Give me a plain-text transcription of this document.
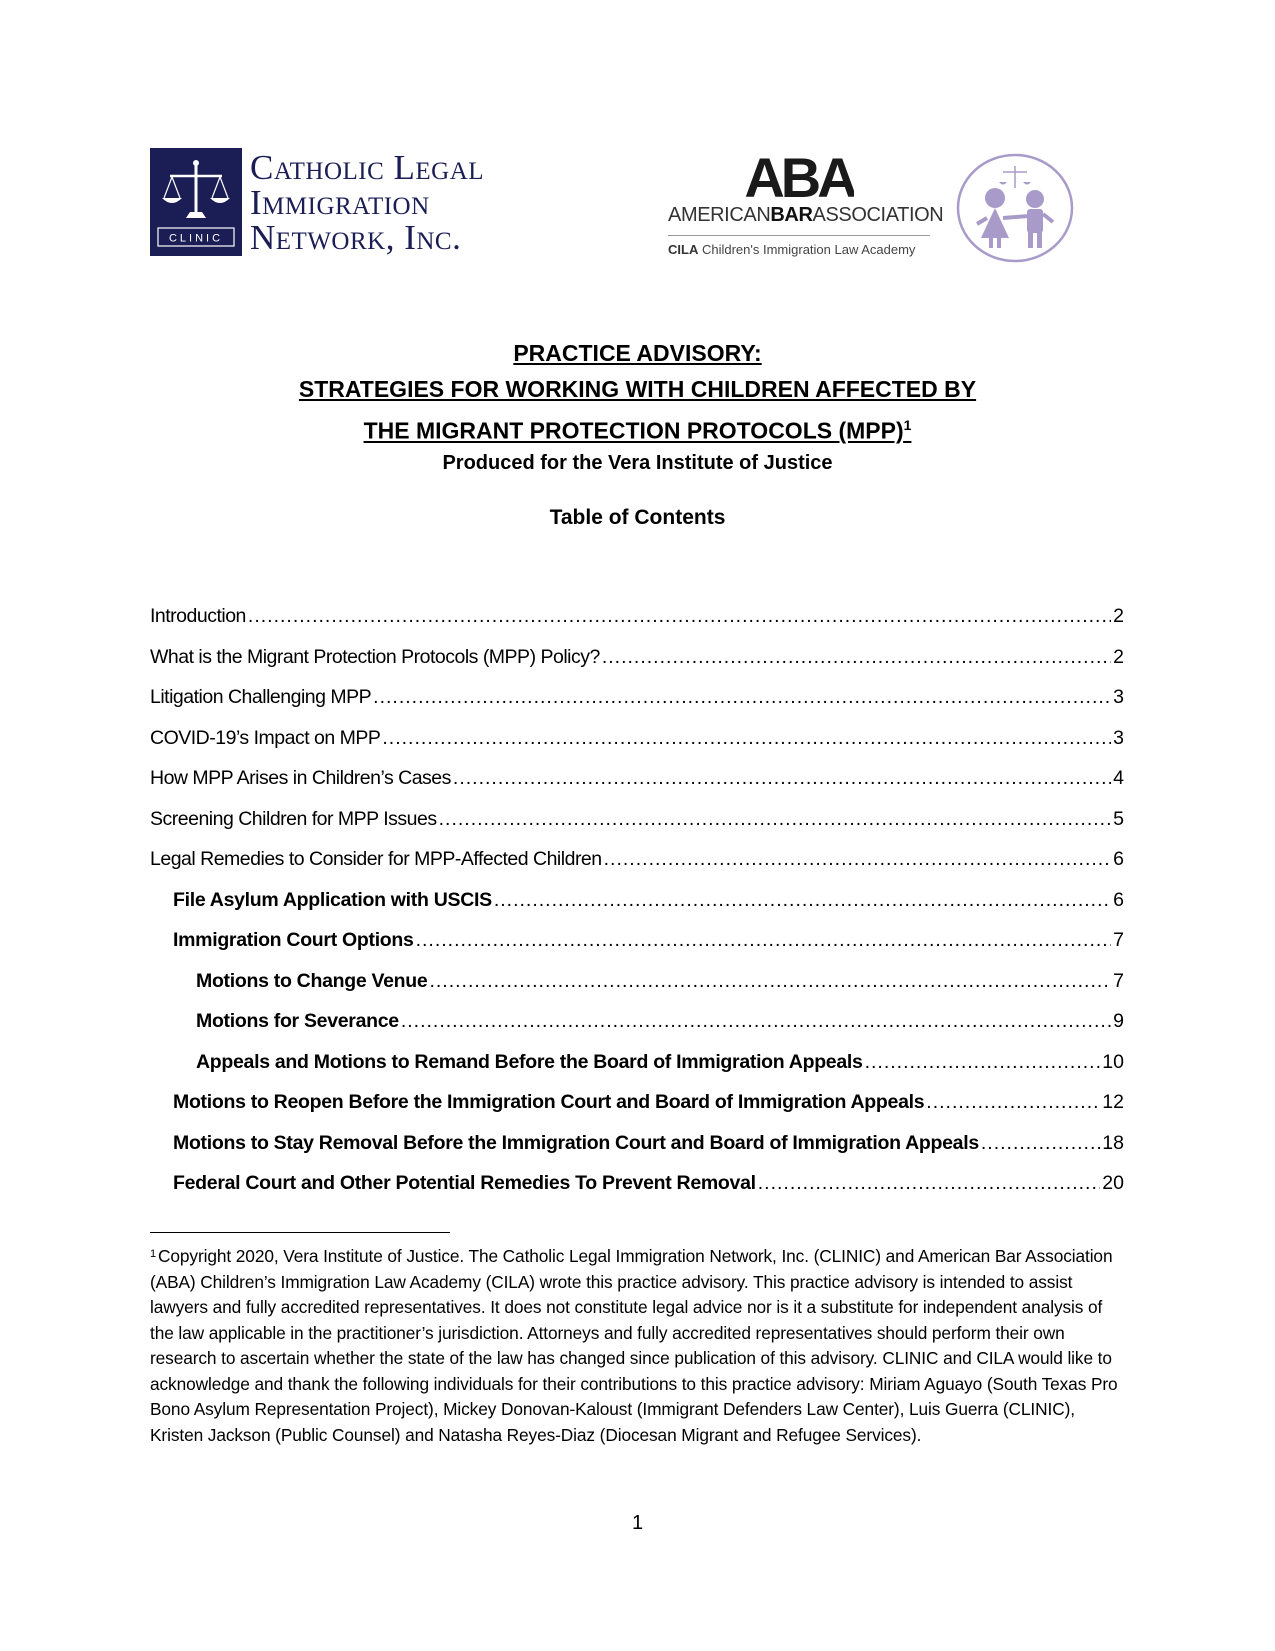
CLINIC
Catholic Legal
Immigration
Network, Inc.
ABA
AMERICANBARASSOCIATION
CILA Children's Immigration Law Academy
PRACTICE ADVISORY:
STRATEGIES FOR WORKING WITH CHILDREN AFFECTED BY
THE MIGRANT PROTECTION PROTOCOLS (MPP)$^1$
Produced for the Vera Institute of Justice
Table of Contents
Introduction .....	2
What is the Migrant Protection Protocols (MPP) Policy? .....	2
Litigation Challenging MPP .....	3
COVID-19’s Impact on MPP .....	3
How MPP Arises in Children’s Cases .....	4
Screening Children for MPP Issues .....	5
Legal Remedies to Consider for MPP-Affected Children .....	6
File Asylum Application with USCIS .....	6
Immigration Court Options .....	7
Motions to Change Venue .....	7
Motions for Severance .....	9
Appeals and Motions to Remand Before the Board of Immigration Appeals .....	10
Motions to Reopen Before the Immigration Court and Board of Immigration Appeals .....	12
Motions to Stay Removal Before the Immigration Court and Board of Immigration Appeals .....	18
Federal Court and Other Potential Remedies To Prevent Removal .....	20
$^1$ Copyright 2020, Vera Institute of Justice. The Catholic Legal Immigration Network, Inc. (CLINIC) and American Bar Association (ABA) Children’s Immigration Law Academy (CILA) wrote this practice advisory. This practice advisory is intended to assist lawyers and fully accredited representatives. It does not constitute legal advice nor is it a substitute for independent analysis of the law applicable in the practitioner’s jurisdiction. Attorneys and fully accredited representatives should perform their own research to ascertain whether the state of the law has changed since publication of this advisory. CLINIC and CILA would like to acknowledge and thank the following individuals for their contributions to this practice advisory: Miriam Aguayo (South Texas Pro Bono Asylum Representation Project), Mickey Donovan-Kaloust (Immigrant Defenders Law Center), Luis Guerra (CLINIC), Kristen Jackson (Public Counsel) and Natasha Reyes-Diaz (Diocesan Migrant and Refugee Services).
1
